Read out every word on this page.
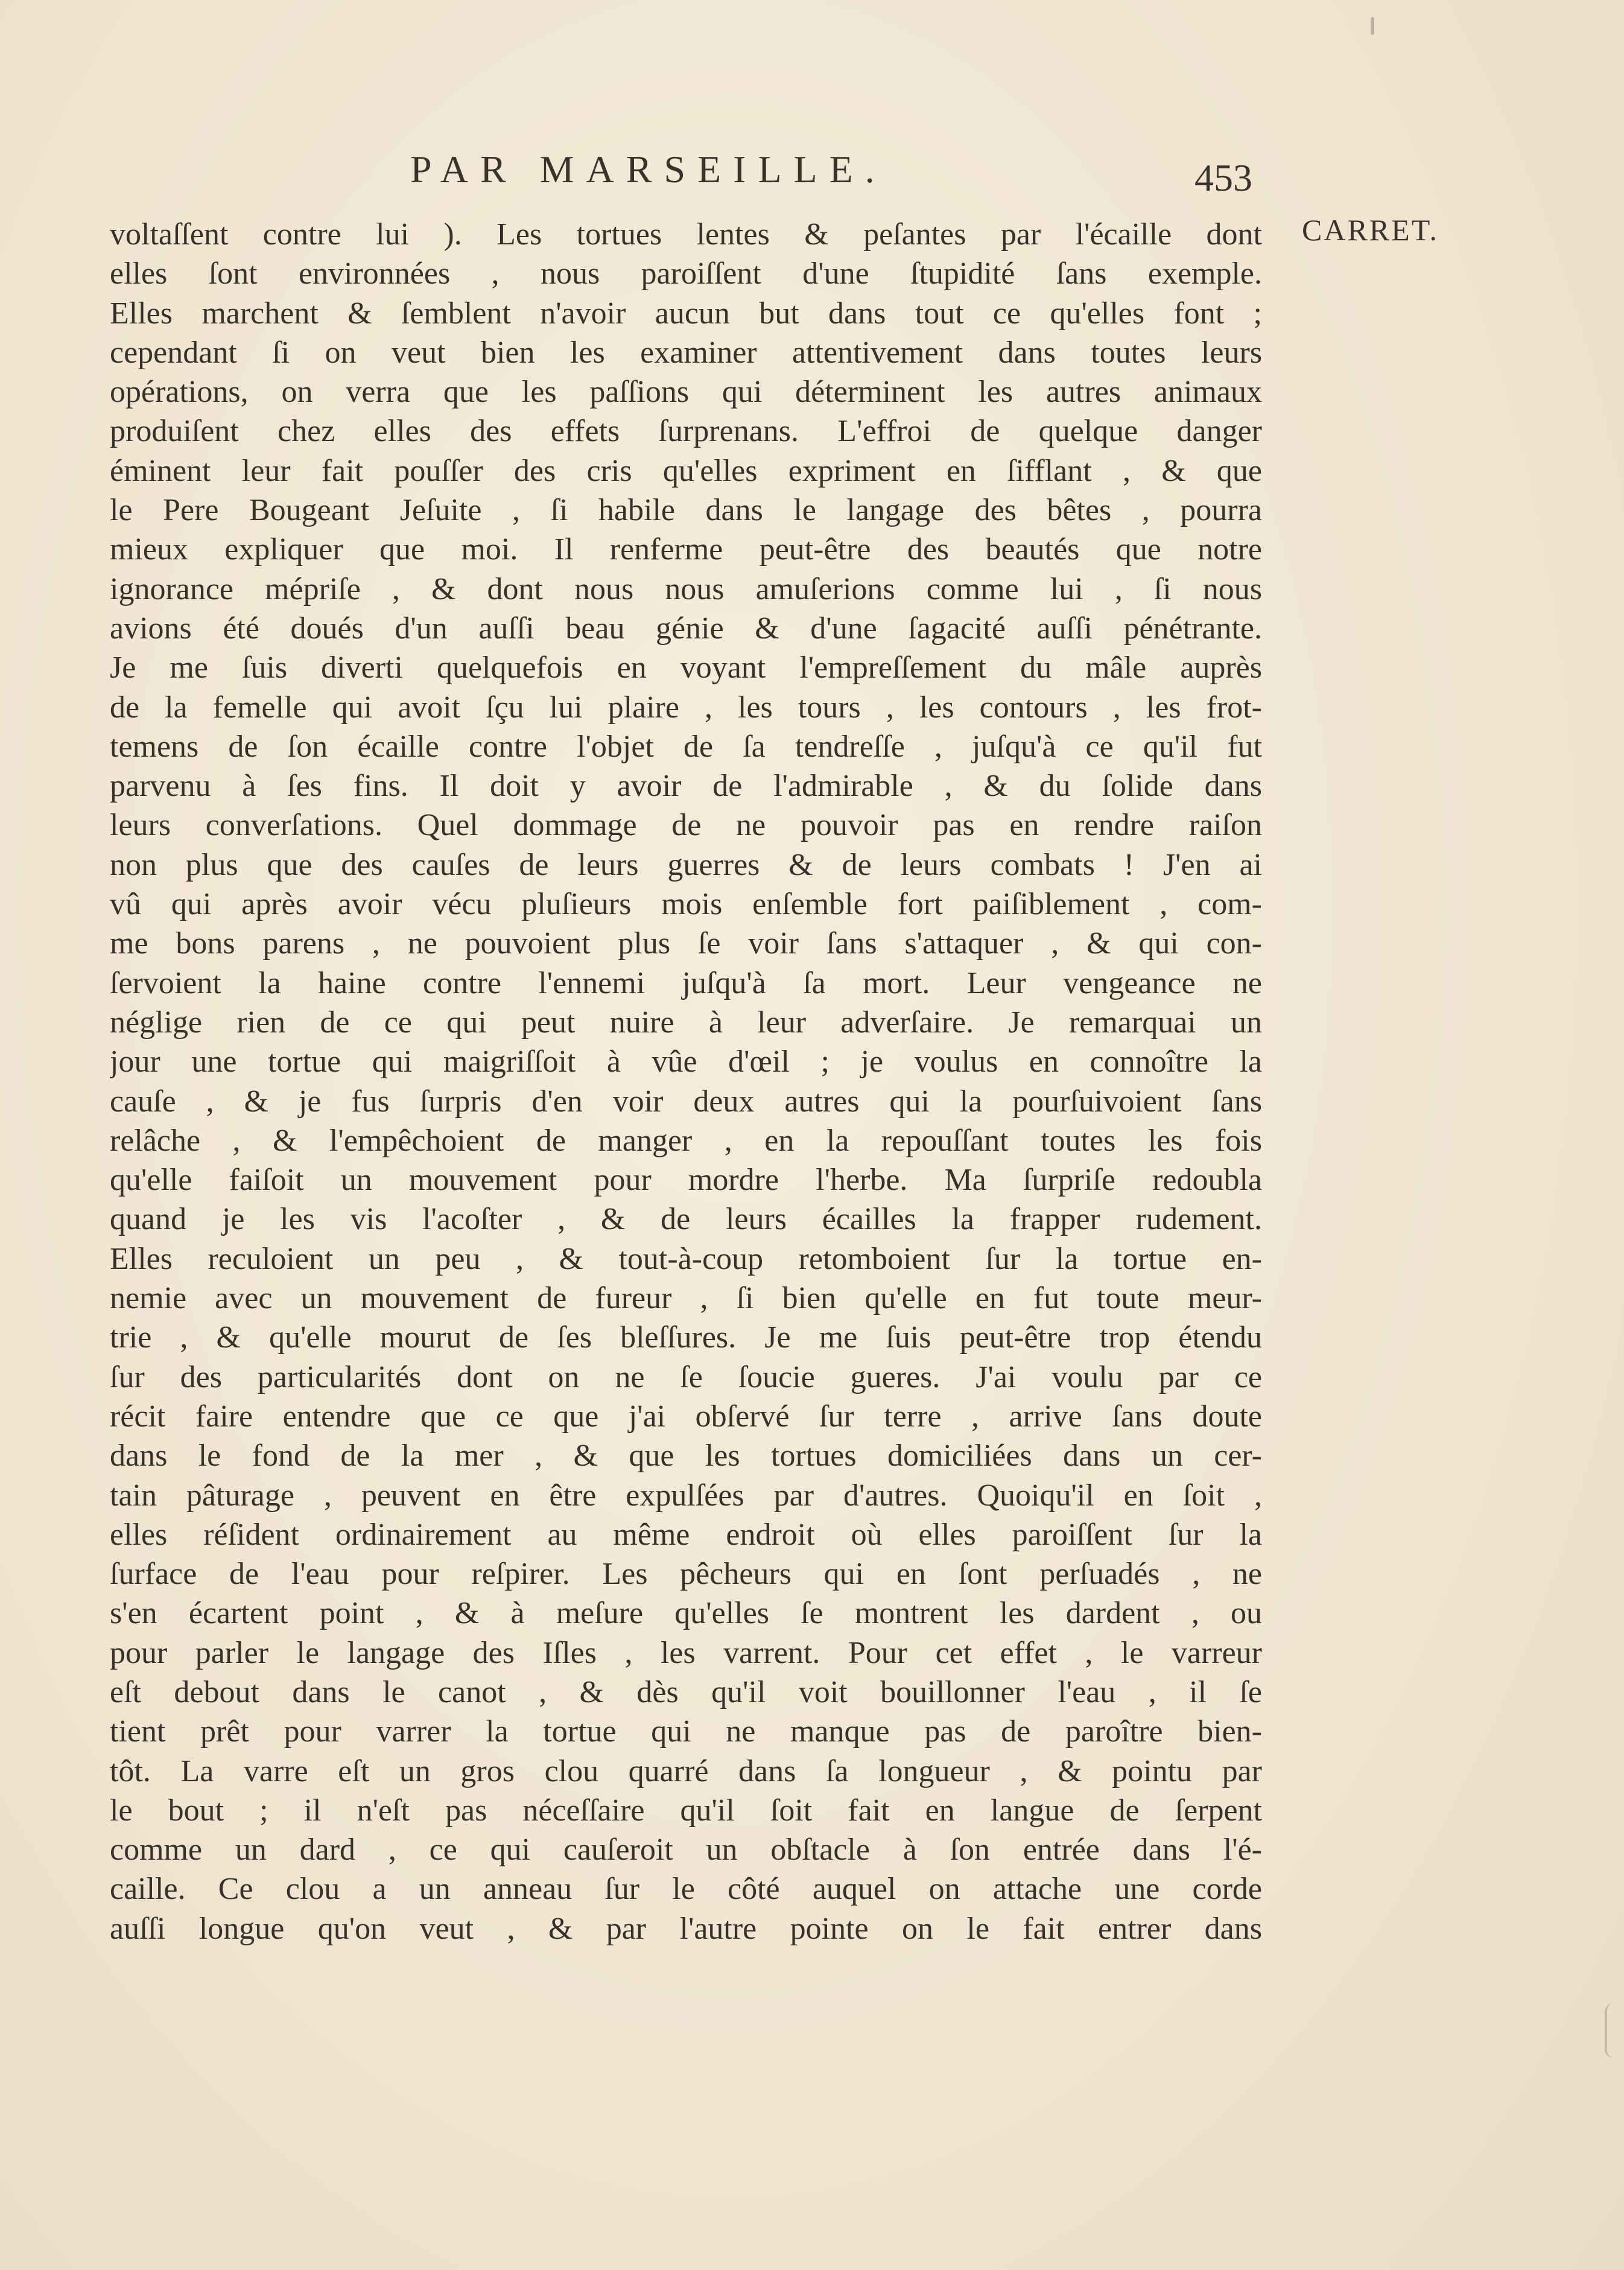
PAR MARSEILLE.	453
CARRET.
voltaſſent contre lui ). Les tortues lentes & peſantes par l'écaille dont
elles ſont environnées , nous paroiſſent d'une ſtupidité ſans exemple.
Elles marchent & ſemblent n'avoir aucun but dans tout ce qu'elles font ;
cependant ſi on veut bien les examiner attentivement dans toutes leurs
opérations, on verra que les paſſions qui déterminent les autres animaux
produiſent chez elles des effets ſurprenans. L'effroi de quelque danger
éminent leur fait pouſſer des cris qu'elles expriment en ſifflant , & que
le Pere Bougeant Jeſuite , ſi habile dans le langage des bêtes , pourra
mieux expliquer que moi. Il renferme peut-être des beautés que notre
ignorance mépriſe , & dont nous nous amuſerions comme lui , ſi nous
avions été doués d'un auſſi beau génie & d'une ſagacité auſſi pénétrante.
Je me ſuis diverti quelquefois en voyant l'empreſſement du mâle auprès
de la femelle qui avoit ſçu lui plaire , les tours , les contours , les frot-
temens de ſon écaille contre l'objet de ſa tendreſſe , juſqu'à ce qu'il fut
parvenu à ſes fins. Il doit y avoir de l'admirable , & du ſolide dans
leurs converſations. Quel dommage de ne pouvoir pas en rendre raiſon
non plus que des cauſes de leurs guerres & de leurs combats ! J'en ai
vû qui après avoir vécu pluſieurs mois enſemble fort paiſiblement , com-
me bons parens , ne pouvoient plus ſe voir ſans s'attaquer , & qui con-
ſervoient la haine contre l'ennemi juſqu'à ſa mort. Leur vengeance ne
néglige rien de ce qui peut nuire à leur adverſaire. Je remarquai un
jour une tortue qui maigriſſoit à vûe d'œil ; je voulus en connoître la
cauſe , & je fus ſurpris d'en voir deux autres qui la pourſuivoient ſans
relâche , & l'empêchoient de manger , en la repouſſant toutes les fois
qu'elle faiſoit un mouvement pour mordre l'herbe. Ma ſurpriſe redoubla
quand je les vis l'acoſter , & de leurs écailles la frapper rudement.
Elles reculoient un peu , & tout-à-coup retomboient ſur la tortue en-
nemie avec un mouvement de fureur , ſi bien qu'elle en fut toute meur-
trie , & qu'elle mourut de ſes bleſſures. Je me ſuis peut-être trop étendu
ſur des particularités dont on ne ſe ſoucie gueres. J'ai voulu par ce
récit faire entendre que ce que j'ai obſervé ſur terre , arrive ſans doute
dans le fond de la mer , & que les tortues domiciliées dans un cer-
tain pâturage , peuvent en être expulſées par d'autres. Quoiqu'il en ſoit ,
elles réſident ordinairement au même endroit où elles paroiſſent ſur la
ſurface de l'eau pour reſpirer. Les pêcheurs qui en ſont perſuadés , ne
s'en écartent point , & à meſure qu'elles ſe montrent les dardent , ou
pour parler le langage des Iſles , les varrent. Pour cet effet , le varreur
eſt debout dans le canot , & dès qu'il voit bouillonner l'eau , il ſe
tient prêt pour varrer la tortue qui ne manque pas de paroître bien-
tôt. La varre eſt un gros clou quarré dans ſa longueur , & pointu par
le bout ; il n'eſt pas néceſſaire qu'il ſoit fait en langue de ſerpent
comme un dard , ce qui cauſeroit un obſtacle à ſon entrée dans l'é-
caille. Ce clou a un anneau ſur le côté auquel on attache une corde
auſſi longue qu'on veut , & par l'autre pointe on le fait entrer dans
